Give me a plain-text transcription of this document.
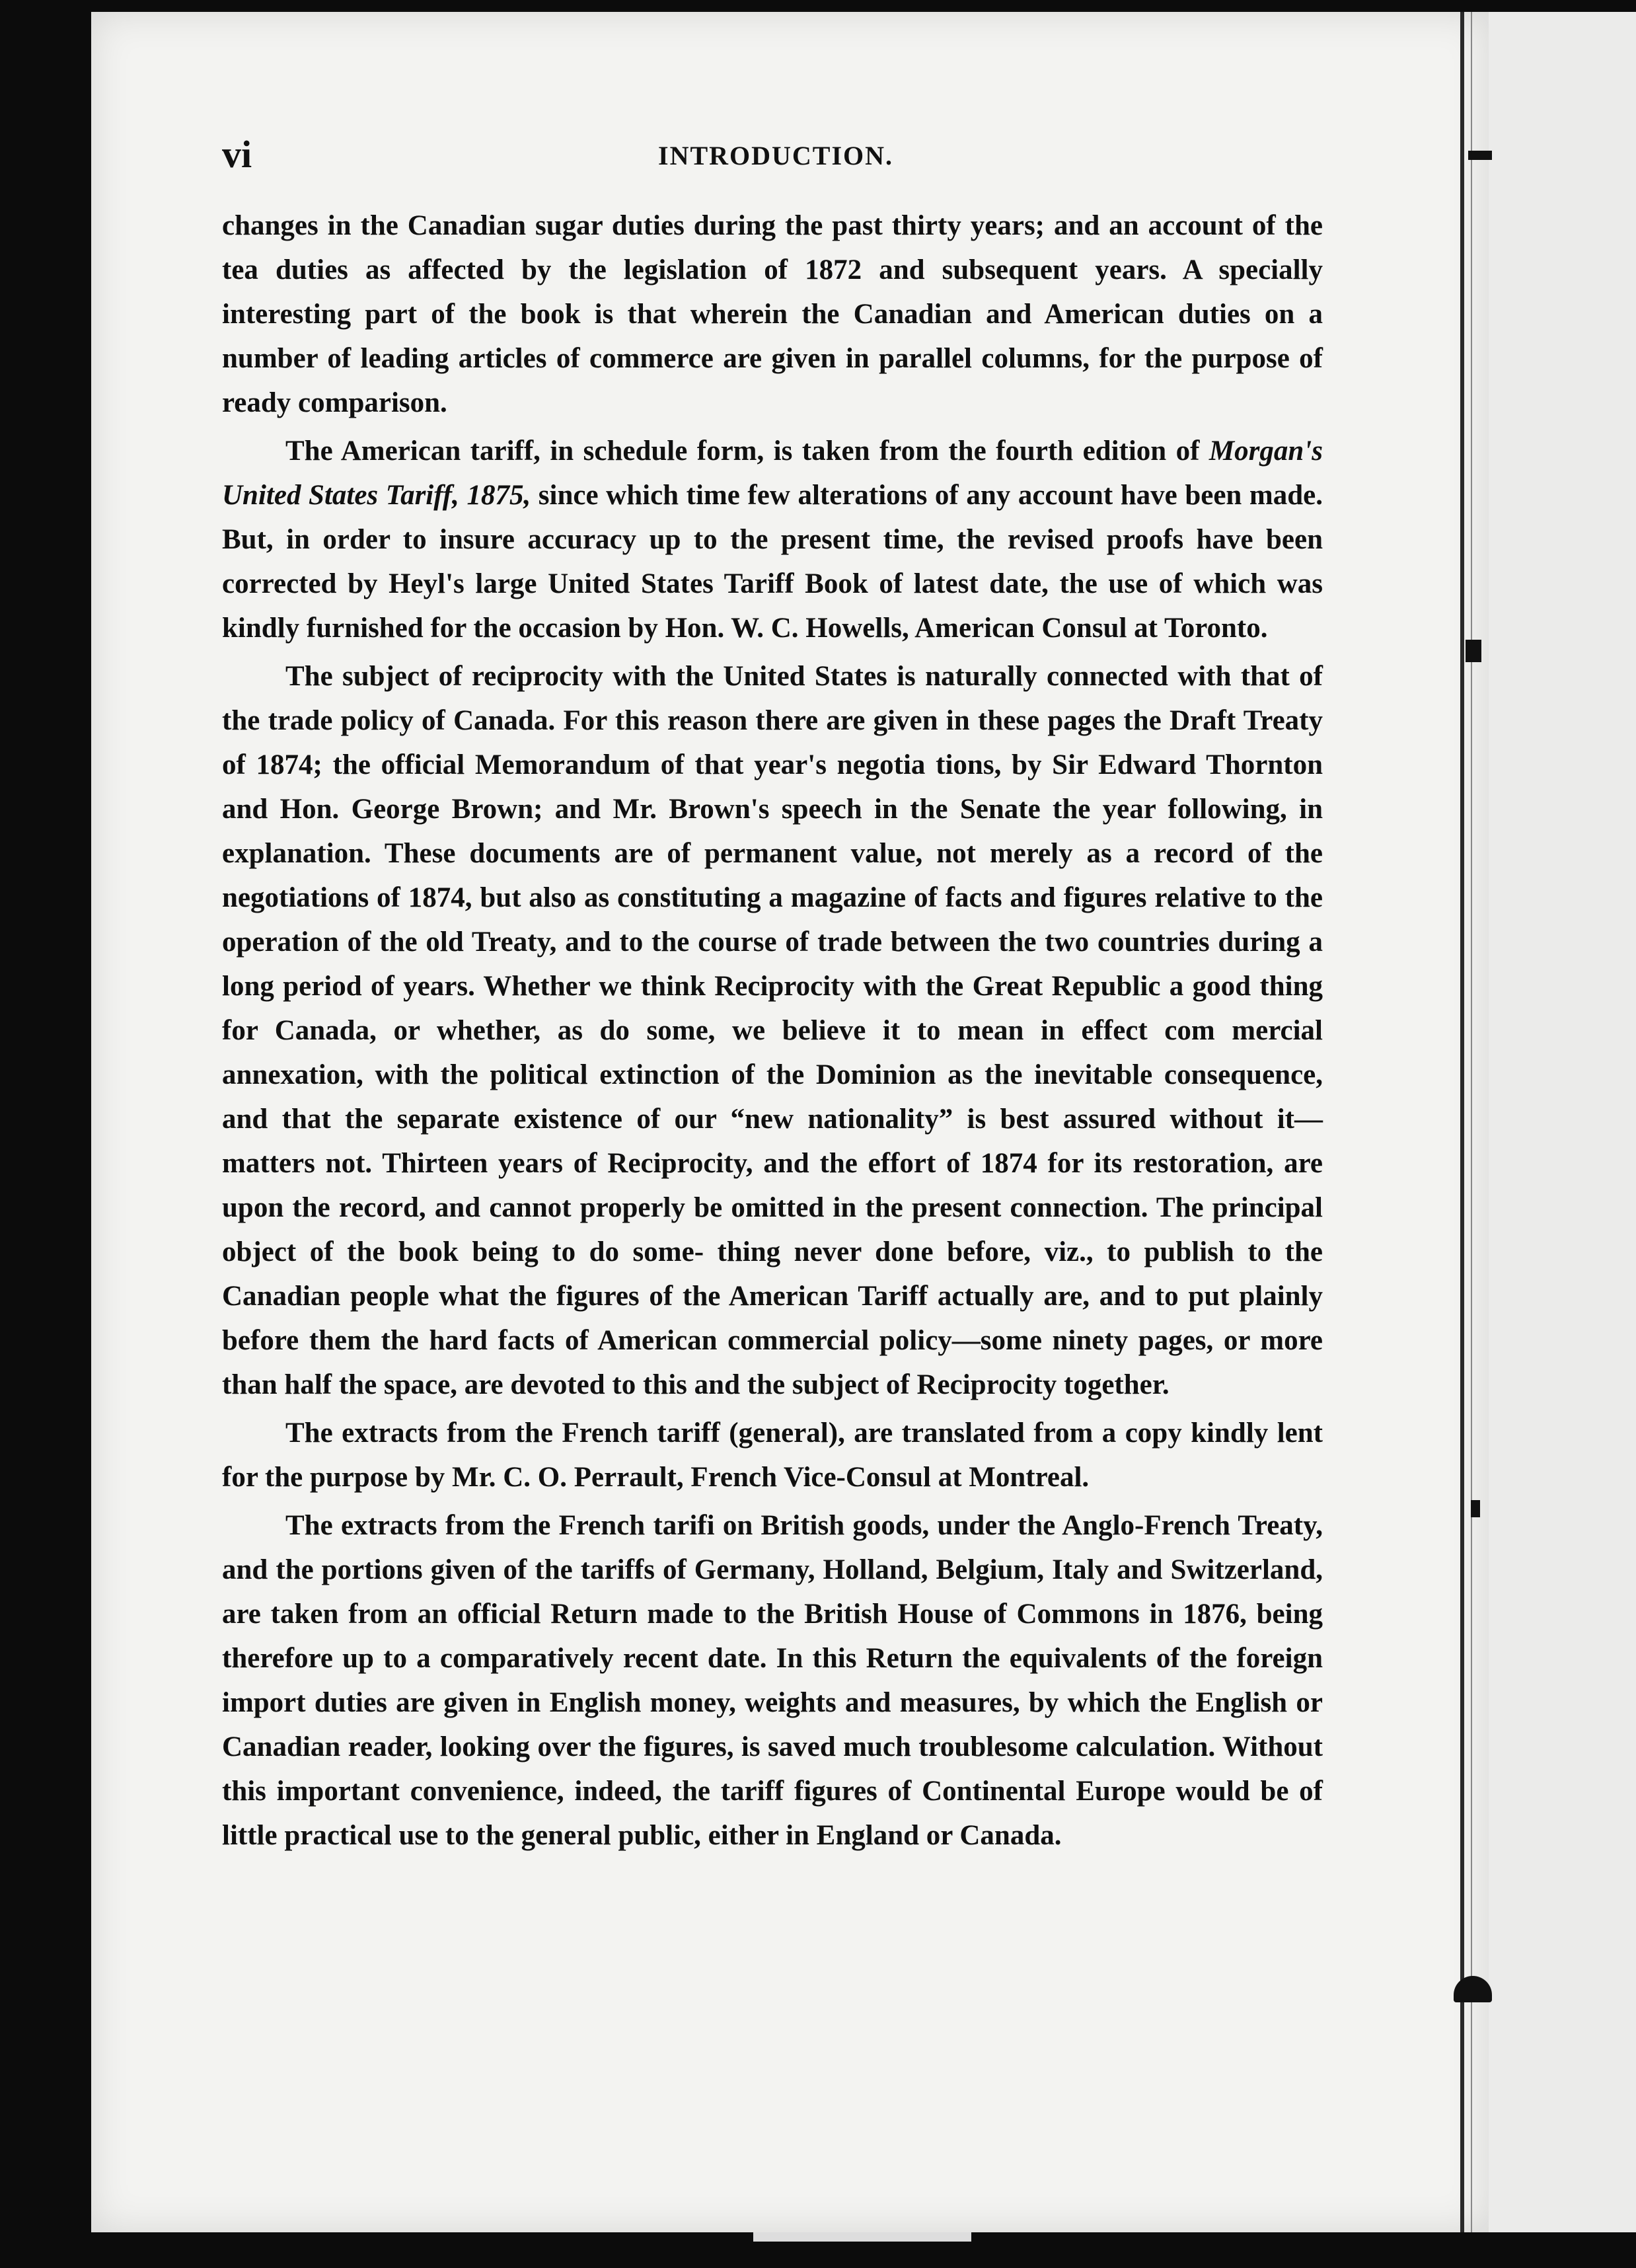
vi	INTRODUCTION.

changes in the Canadian sugar duties during the past thirty years; and an account of the tea duties as affected by the legislation of 1872 and subsequent years. A specially interesting part of the book is that wherein the Canadian and American duties on a number of leading articles of commerce are given in parallel columns, for the purpose of ready comparison.

The American tariff, in schedule form, is taken from the fourth edition of Morgan's United States Tariff, 1875, since which time few alterations of any account have been made. But, in order to insure accuracy up to the present time, the revised proofs have been corrected by Heyl's large United States Tariff Book of latest date, the use of which was kindly furnished for the occasion by Hon. W. C. Howells, American Consul at Toronto.

The subject of reciprocity with the United States is naturally connected with that of the trade policy of Canada. For this reason there are given in these pages the Draft Treaty of 1874; the official Memorandum of that year's negotia tions, by Sir Edward Thornton and Hon. George Brown; and Mr. Brown's speech in the Senate the year following, in explanation. These documents are of permanent value, not merely as a record of the negotiations of 1874, but also as constituting a magazine of facts and figures relative to the operation of the old Treaty, and to the course of trade between the two countries during a long period of years. Whether we think Reciprocity with the Great Republic a good thing for Canada, or whether, as do some, we believe it to mean in effect com mercial annexation, with the political extinction of the Dominion as the inevitable consequence, and that the separate existence of our “new nationality” is best assured without it—matters not. Thirteen years of Reciprocity, and the effort of 1874 for its restoration, are upon the record, and cannot properly be omitted in the present connection. The principal object of the book being to do some- thing never done before, viz., to publish to the Canadian people what the figures of the American Tariff actually are, and to put plainly before them the hard facts of American commercial policy—some ninety pages, or more than half the space, are devoted to this and the subject of Reciprocity together.

The extracts from the French tariff (general), are translated from a copy kindly lent for the purpose by Mr. C. O. Perrault, French Vice-Consul at Montreal.

The extracts from the French tarifi on British goods, under the Anglo-French Treaty, and the portions given of the tariffs of Germany, Holland, Belgium, Italy and Switzerland, are taken from an official Return made to the British House of Commons in 1876, being therefore up to a comparatively recent date. In this Return the equivalents of the foreign import duties are given in English money, weights and measures, by which the English or Canadian reader, looking over the figures, is saved much troublesome calculation. Without this important convenience, indeed, the tariff figures of Continental Europe would be of little practical use to the general public, either in England or Canada.
